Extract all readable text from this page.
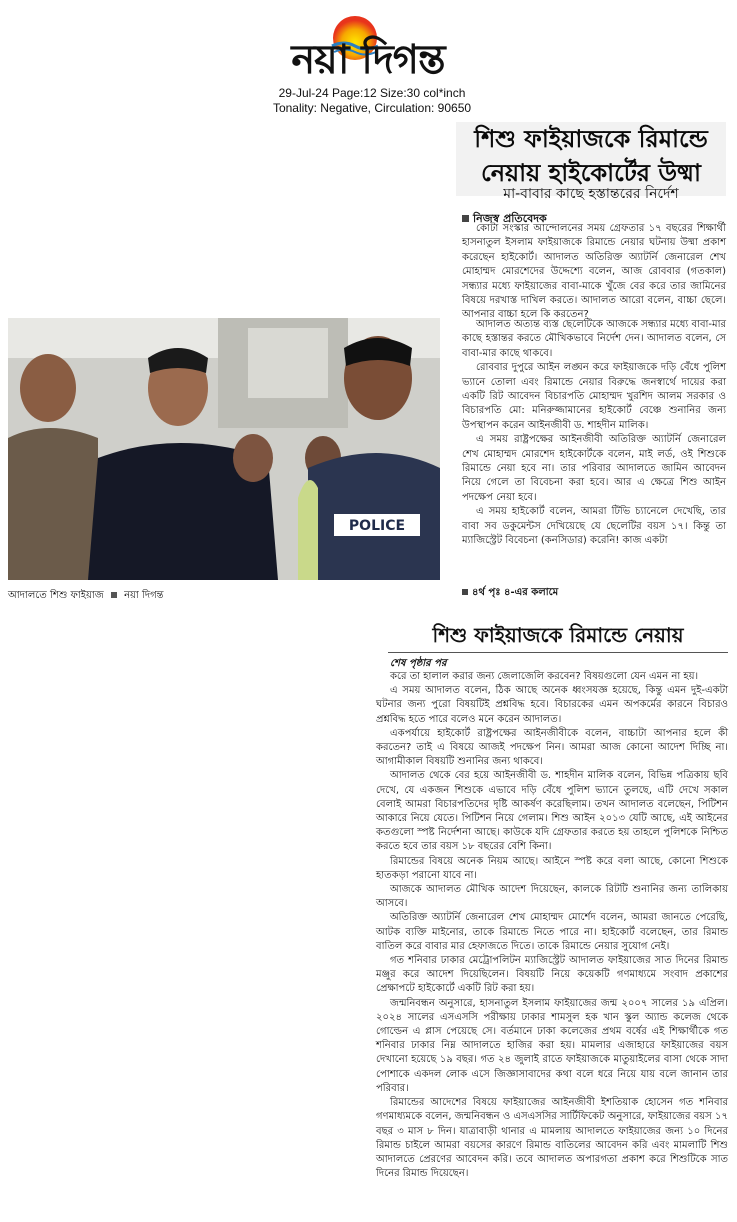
নয়া দিগন্ত
29-Jul-24 Page:12 Size:30 col*inch
Tonality: Negative, Circulation: 90650
শিশু ফাইয়াজকে রিমান্ডে
নেয়ায় হাইকোর্টের উষ্মা
মা-বাবার কাছে হস্তান্তরের নির্দেশ
নিজস্ব প্রতিবেদক

কোটা সংস্কার আন্দোলনের সময় গ্রেফতার ১৭ বছরের শিক্ষার্থী হাসনাতুল ইসলাম ফাইয়াজকে রিমান্ডে নেয়ার ঘটনায় উষ্মা প্রকাশ করেছেন হাইকোর্ট। আদালত অতিরিক্ত অ্যাটর্নি জেনারেল শেখ মোহাম্মদ মোরশেদের উদ্দেশ্যে বলেন, আজ রোববার (গতকাল) সন্ধ্যার মধ্যে ফাইয়াজের বাবা-মাকে খুঁজে বের করে তার জামিনের বিষয়ে দরখাস্ত দাখিল করতে। আদালত আরো বলেন, বাচ্চা ছেলে। আপনার বাচ্চা হলে কি করতেন?

POLICE
আদালতে শিশু ফাইয়াজ নয়া দিগন্ত

আদালত অত্যন্ত ব্যস্ত ছেলেটিকে আজকে সন্ধ্যার মধ্যে বাবা-মার কাছে হস্তান্তর করতে মৌখিকভাবে নির্দেশ দেন। আদালত বলেন, সে বাবা-মার কাছে থাকবে।

রোববার দুপুরে আইন লঙ্ঘন করে ফাইয়াজকে দড়ি বেঁধে পুলিশ ভ্যানে তোলা এবং রিমান্ডে নেয়ার বিরুদ্ধে জনস্বার্থে দায়ের করা একটি রিট আবেদন বিচারপতি মোহাম্মদ খুরশিদ আলম সরকার ও বিচারপতি মো: মনিরুজ্জামানের হাইকোর্ট বেঞ্চে শুনানির জন্য উপস্থাপন করেন আইনজীবী ড. শাহদীন মালিক।

এ সময় রাষ্ট্রপক্ষের আইনজীবী অতিরিক্ত অ্যাটর্নি জেনারেল শেখ মোহাম্মদ মোরশেদ হাইকোর্টকে বলেন, মাই লর্ড, ওই শিশুকে রিমান্ডে নেয়া হবে না। তার পরিবার আদালতে জামিন আবেদন নিয়ে গেলে তা বিবেচনা করা হবে। আর এ ক্ষেত্রে শিশু আইন পদক্ষেপ নেয়া হবে।

এ সময় হাইকোর্ট বলেন, আমরা টিভি চ্যানেলে দেখেছি, তার বাবা সব ডকুমেন্টস দেখিয়েছে যে ছেলেটির বয়স ১৭। কিন্তু তা ম্যাজিস্ট্রেট বিবেচনা (কনসিডার) করেনি! কাজ একটা

৪র্থ পৃঃ ৪-এর কলামে
শিশু ফাইয়াজকে রিমান্ডে নেয়ায়
শেষ পৃষ্ঠার পর

করে তা হালাল করার জন্য জেলাজেলি করবেন? বিষয়গুলো যেন এমন না হয়।

এ সময় আদালত বলেন, ঠিক আছে অনেক ধ্বংসযজ্ঞ হয়েছে, কিন্তু এমন দুই-একটা ঘটনার জন্য পুরো বিষয়টিই প্রশ্নবিদ্ধ হবে। বিচারকের এমন অপকর্মের কারনে বিচারও প্রশ্নবিদ্ধ হতে পারে বলেও মনে করেন আদালত।

একপর্যায়ে হাইকোর্ট রাষ্ট্রপক্ষের আইনজীবীকে বলেন, বাচ্চাটা আপনার হলে কী করতেন? তাই এ বিষয়ে আজই পদক্ষেপ নিন। আমরা আজ কোনো আদেশ দিচ্ছি না। আগামীকাল বিষয়টি শুনানির জন্য থাকবে।

আদালত থেকে বের হয়ে আইনজীবী ড. শাহদীন মালিক বলেন, বিভিন্ন পত্রিকায় ছবি দেখে, যে একজন শিশুকে এভাবে দড়ি বেঁধে পুলিশ ভ্যানে তুলছে, এটি দেখে সকাল বেলাই আমরা বিচারপতিদের দৃষ্টি আকর্ষণ করেছিলাম। তখন আদালত বলেছেন, পিটিশন আকারে নিয়ে যেতে। পিটিশন নিয়ে গেলাম। শিশু আইন ২০১৩ যেটি আছে, এই আইনের কতগুলো স্পষ্ট নির্দেশনা আছে। কাউকে যদি গ্রেফতার করতে হয় তাহলে পুলিশকে নিশ্চিত করতে হবে তার বয়স ১৮ বছরের বেশি কিনা।

রিমান্ডের বিষয়ে অনেক নিয়ম আছে। আইনে স্পষ্ট করে বলা আছে, কোনো শিশুকে হাতকড়া পরানো যাবে না।

আজকে আদালত মৌখিক আদেশ দিয়েছেন, কালকে রিটটি শুনানির জন্য তালিকায় আসবে।

অতিরিক্ত অ্যাটর্নি জেনারেল শেখ মোহাম্মদ মোর্শেদ বলেন, আমরা জানতে পেরেছি, আটক ব্যক্তি মাইনোর, তাকে রিমান্ডে নিতে পারে না। হাইকোর্ট বলেছেন, তার রিমান্ড বাতিল করে বাবার মার হেফাজতে দিতে। তাকে রিমান্ডে নেয়ার সুযোগ নেই।

গত শনিবার ঢাকার মেট্রোপলিটন ম্যাজিস্ট্রেট আদালত ফাইয়াজের সাত দিনের রিমান্ড মঞ্জুর করে আদেশ দিয়েছিলেন। বিষয়টি নিয়ে কয়েকটি গণমাধ্যমে সংবাদ প্রকাশের প্রেক্ষাপটে হাইকোর্টে একটি রিট করা হয়।

জন্মনিবন্ধন অনুসারে, হাসনাতুল ইসলাম ফাইয়াজের জন্ম ২০০৭ সালের ১৯ এপ্রিল। ২০২৪ সালের এসএসসি পরীক্ষায় ঢাকার শামসুল হক খান স্কুল অ্যান্ড কলেজ থেকে গোল্ডেন এ প্লাস পেয়েছে সে। বর্তমানে ঢাকা কলেজের প্রথম বর্ষের এই শিক্ষার্থীকে গত শনিবার ঢাকার নিম্ন আদালতে হাজির করা হয়। মামলার এজাহারে ফাইয়াজের বয়স দেখানো হয়েছে ১৯ বছর। গত ২৪ জুলাই রাতে ফাইয়াজকে মাতুয়াইলের বাসা থেকে সাদা পোশাকে একদল লোক এসে জিজ্ঞাসাবাদের কথা বলে ধরে নিয়ে যায় বলে জানান তার পরিবার।

রিমান্ডের আদেশের বিষয়ে ফাইয়াজের আইনজীবী ইশতিয়াক হোসেন গত শনিবার গণমাধ্যমকে বলেন, জন্মনিবন্ধন ও এসএসসির সার্টিফিকেট অনুসারে, ফাইয়াজের বয়স ১৭ বছর ৩ মাস ৮ দিন। যাত্রাবাড়ী থানার এ মামলায় আদালতে ফাইয়াজের জন্য ১০ দিনের রিমান্ড চাইলে আমরা বয়সের কারণে রিমান্ড বাতিলের আবেদন করি এবং মামলাটি শিশু আদালতে প্রেরণের আবেদন করি। তবে আদালত অপারগতা প্রকাশ করে শিশুটিকে সাত দিনের রিমান্ড দিয়েছেন।
